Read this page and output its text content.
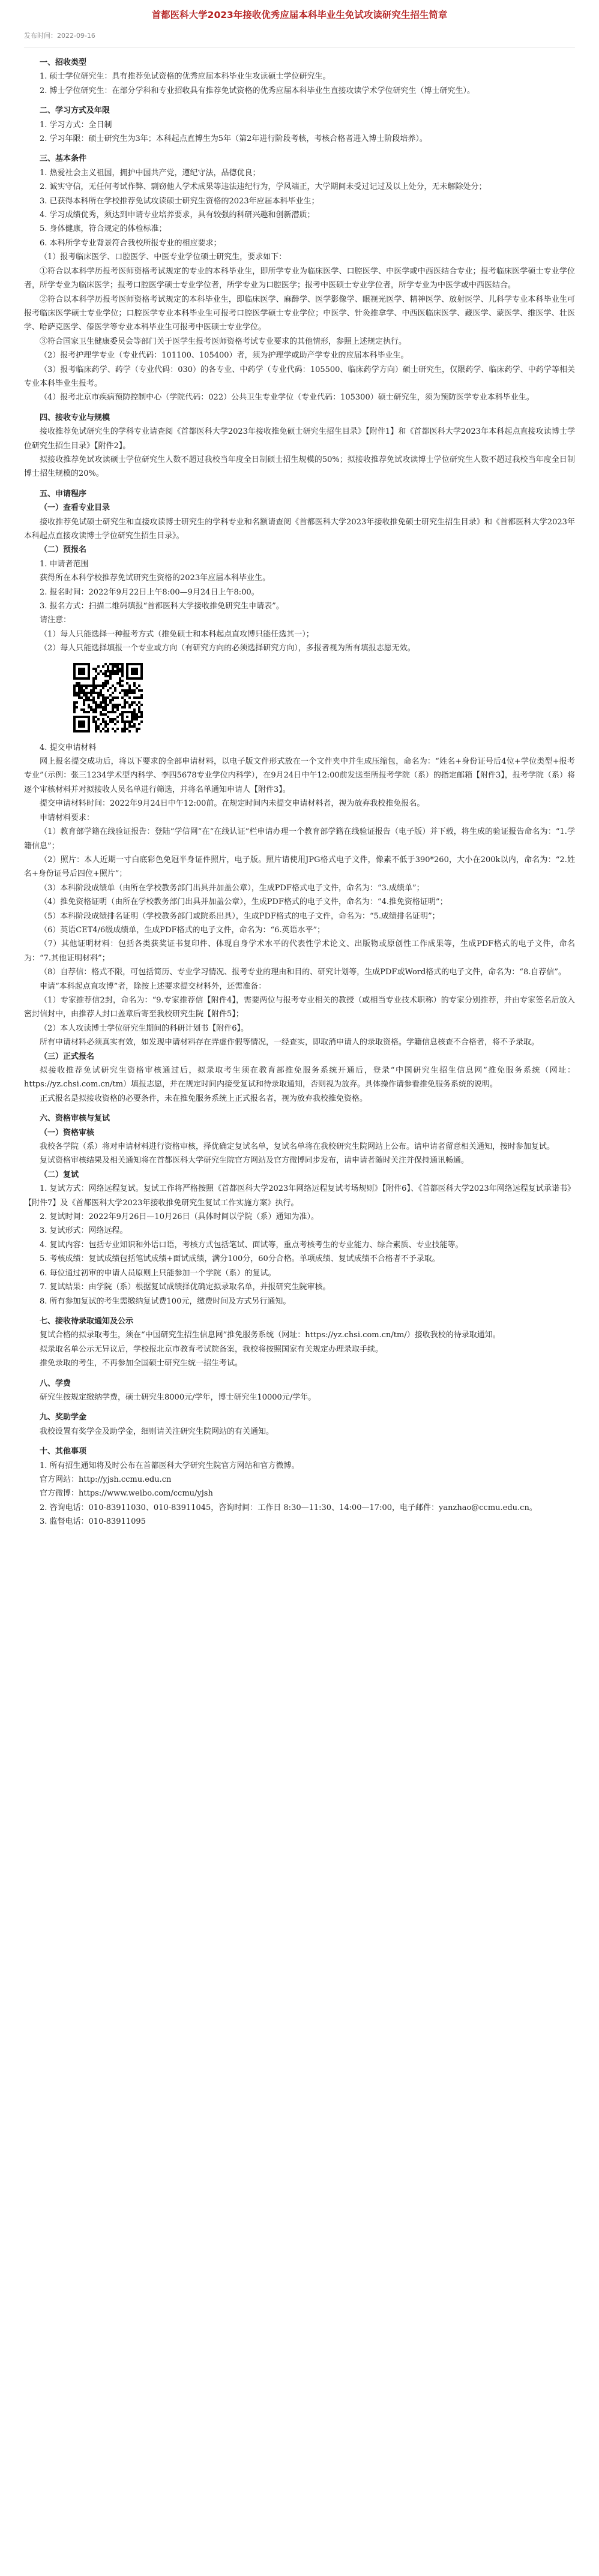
首都医科大学2023年接收优秀应届本科毕业生免试攻读研究生招生简章
发布时间：2022-09-16

一、招收类型

1. 硕士学位研究生：具有推荐免试资格的优秀应届本科毕业生攻读硕士学位研究生。

2. 博士学位研究生：在部分学科和专业招收具有推荐免试资格的优秀应届本科毕业生直接攻读学术学位研究生（博士研究生）。

二、学习方式及年限

1. 学习方式：全日制

2. 学习年限：硕士研究生为3年；本科起点直博生为5年（第2年进行阶段考核，考核合格者进入博士阶段培养）。

三、基本条件

1. 热爱社会主义祖国，拥护中国共产党，遵纪守法，品德优良；

2. 诚实守信，无任何考试作弊、剽窃他人学术成果等违法违纪行为，学风端正，大学期间未受过记过及以上处分，无未解除处分；

3. 已获得本科所在学校推荐免试攻读硕士研究生资格的2023年应届本科毕业生；

4. 学习成绩优秀，须达到申请专业培养要求，具有较强的科研兴趣和创新潜质；

5. 身体健康，符合规定的体检标准；

6. 本科所学专业背景符合我校所报专业的相应要求；

（1）报考临床医学、口腔医学、中医专业学位硕士研究生，要求如下：

①符合以本科学历报考医师资格考试规定的专业的本科毕业生，即所学专业为临床医学、口腔医学、中医学或中西医结合专业；报考临床医学硕士专业学位者，所学专业为临床医学；报考口腔医学硕士专业学位者，所学专业为口腔医学；报考中医硕士专业学位者，所学专业为中医学或中西医结合。

②符合以本科学历报考医师资格考试规定的本科毕业生，即临床医学、麻醉学、医学影像学、眼视光医学、精神医学、放射医学、儿科学专业本科毕业生可报考临床医学硕士专业学位；口腔医学专业本科毕业生可报考口腔医学硕士专业学位；中医学、针灸推拿学、中西医临床医学、藏医学、蒙医学、维医学、壮医学、哈萨克医学、傣医学等专业本科毕业生可报考中医硕士专业学位。

③符合国家卫生健康委员会等部门关于医学生报考医师资格考试专业要求的其他情形，参照上述规定执行。

（2）报考护理学专业（专业代码：101100、105400）者，须为护理学或助产学专业的应届本科毕业生。

（3）报考临床药学、药学（专业代码：030）的各专业、中药学（专业代码：105500、临床药学方向）硕士研究生，仅限药学、临床药学、中药学等相关专业本科毕业生报考。

（4）报考北京市疾病预防控制中心（学院代码：022）公共卫生专业学位（专业代码：105300）硕士研究生，须为预防医学专业本科毕业生。

四、接收专业与规模

接收推荐免试研究生的学科专业请查阅《首都医科大学2023年接收推免硕士研究生招生目录》【附件1】和《首都医科大学2023年本科起点直接攻读博士学位研究生招生目录》【附件2】。

拟接收推荐免试攻读硕士学位研究生人数不超过我校当年度全日制硕士招生规模的50%；拟接收推荐免试攻读博士学位研究生人数不超过我校当年度全日制博士招生规模的20%。

五、申请程序

（一）查看专业目录

接收推荐免试硕士研究生和直接攻读博士研究生的学科专业和名额请查阅《首都医科大学2023年接收推免硕士研究生招生目录》和《首都医科大学2023年本科起点直接攻读博士学位研究生招生目录》。

（二）预报名

1. 申请者范围

获得所在本科学校推荐免试研究生资格的2023年应届本科毕业生。

2. 报名时间：2022年9月22日上午8:00—9月24日上午8:00。

3. 报名方式：扫描二维码填报“首都医科大学接收推免研究生申请表”。

请注意：

（1）每人只能选择一种报考方式（推免硕士和本科起点直攻博只能任选其一）；

（2）每人只能选择填报一个专业或方向（有研究方向的必须选择研究方向），多报者视为所有填报志愿无效。

4. 提交申请材料

网上报名提交成功后，将以下要求的全部申请材料，以电子版文件形式放在一个文件夹中并生成压缩包，命名为：“姓名+身份证号后4位+学位类型+报考专业”（示例：张三1234学术型内科学、李四5678专业学位内科学），在9月24日中午12:00前发送至所报考学院（系）的指定邮箱【附件3】，报考学院（系）将逐个审核材料并对拟接收人员名单进行筛选，并将名单通知申请人【附件3】。

提交申请材料时间：2022年9月24日中午12:00前。在规定时间内未提交申请材料者，视为放弃我校推免报名。

申请材料要求：

（1）教育部学籍在线验证报告：登陆“学信网”在“在线认证”栏申请办理一个教育部学籍在线验证报告（电子版）并下载，将生成的验证报告命名为：“1.学籍信息”；

（2）照片：本人近期一寸白底彩色免冠半身证件照片，电子版。照片请使用JPG格式电子文件，像素不低于390*260，大小在200k以内，命名为：“2.姓名+身份证号后四位+照片”；

（3）本科阶段成绩单（由所在学校教务部门出具并加盖公章），生成PDF格式电子文件，命名为：“3.成绩单”；

（4）推免资格证明（由所在学校教务部门出具并加盖公章），生成PDF格式的电子文件，命名为：“4.推免资格证明”；

（5）本科阶段成绩排名证明（学校教务部门或院系出具），生成PDF格式的电子文件，命名为：“5.成绩排名证明”；

（6）英语CET4/6级成绩单，生成PDF格式的电子文件，命名为：“6.英语水平”；

（7）其他证明材料：包括各类获奖证书复印件、体现自身学术水平的代表性学术论文、出版物或原创性工作成果等，生成PDF格式的电子文件，命名为：“7.其他证明材料”；

（8）自荐信：格式不限，可包括简历、专业学习情况、报考专业的理由和目的、研究计划等，生成PDF或Word格式的电子文件，命名为：“8.自荐信”。

申请“本科起点直攻博”者，除按上述要求提交材料外，还需准备：

（1）专家推荐信2封，命名为：“9.专家推荐信【附件4】，需要两位与报考专业相关的教授（或相当专业技术职称）的专家分别推荐，并由专家签名后放入密封信封中，由推荐人封口盖章后寄至我校研究生院【附件5】；

（2）本人攻读博士学位研究生期间的科研计划书【附件6】。

所有申请材料必须真实有效，如发现申请材料存在弄虚作假等情况，一经查实，即取消申请人的录取资格。学籍信息核查不合格者，将不予录取。

（三）正式报名

拟接收推荐免试研究生资格审核通过后，拟录取考生须在教育部推免服务系统开通后，登录“中国研究生招生信息网”推免服务系统（网址：https://yz.chsi.com.cn/tm）填报志愿，并在规定时间内接受复试和待录取通知，否则视为放弃。具体操作请参看推免服务系统的说明。

正式报名是拟接收资格的必要条件，未在推免服务系统上正式报名者，视为放弃我校推免资格。

六、资格审核与复试

（一）资格审核

我校各学院（系）将对申请材料进行资格审核，择优确定复试名单，复试名单将在我校研究生院网站上公布。请申请者留意相关通知，按时参加复试。

复试资格审核结果及相关通知将在首都医科大学研究生院官方网站及官方微博同步发布，请申请者随时关注并保持通讯畅通。

（二）复试

1. 复试方式：网络远程复试。复试工作将严格按照《首都医科大学2023年网络远程复试考场规则》【附件6】、《首都医科大学2023年网络远程复试承诺书》【附件7】及《首都医科大学2023年接收推免研究生复试工作实施方案》执行。

2. 复试时间：2022年9月26日—10月26日（具体时间以学院（系）通知为准）。

3. 复试形式：网络远程。

4. 复试内容：包括专业知识和外语口语，考核方式包括笔试、面试等，重点考核考生的专业能力、综合素质、专业技能等。

5. 考核成绩：复试成绩包括笔试成绩+面试成绩，满分100分，60分合格。单项成绩、复试成绩不合格者不予录取。

6. 每位通过初审的申请人员原则上只能参加一个学院（系）的复试。

7. 复试结果：由学院（系）根据复试成绩择优确定拟录取名单，并报研究生院审核。

8. 所有参加复试的考生需缴纳复试费100元，缴费时间及方式另行通知。

七、接收待录取通知及公示

复试合格的拟录取考生，须在“中国研究生招生信息网”推免服务系统（网址：https://yz.chsi.com.cn/tm/）接收我校的待录取通知。

拟录取名单公示无异议后，学校报北京市教育考试院备案，我校将按照国家有关规定办理录取手续。

推免录取的考生，不再参加全国硕士研究生统一招生考试。

八、学费

研究生按规定缴纳学费，硕士研究生8000元/学年，博士研究生10000元/学年。

九、奖助学金

我校设置有奖学金及助学金，细则请关注研究生院网站的有关通知。

十、其他事项

1. 所有招生通知将及时公布在首都医科大学研究生院官方网站和官方微博。

官方网站：http://yjsh.ccmu.edu.cn

官方微博：https://www.weibo.com/ccmu/yjsh

2. 咨询电话：010-83911030、010-83911045，咨询时间：工作日 8:30—11:30、14:00—17:00，电子邮件：yanzhao@ccmu.edu.cn。

3. 监督电话：010-83911095
